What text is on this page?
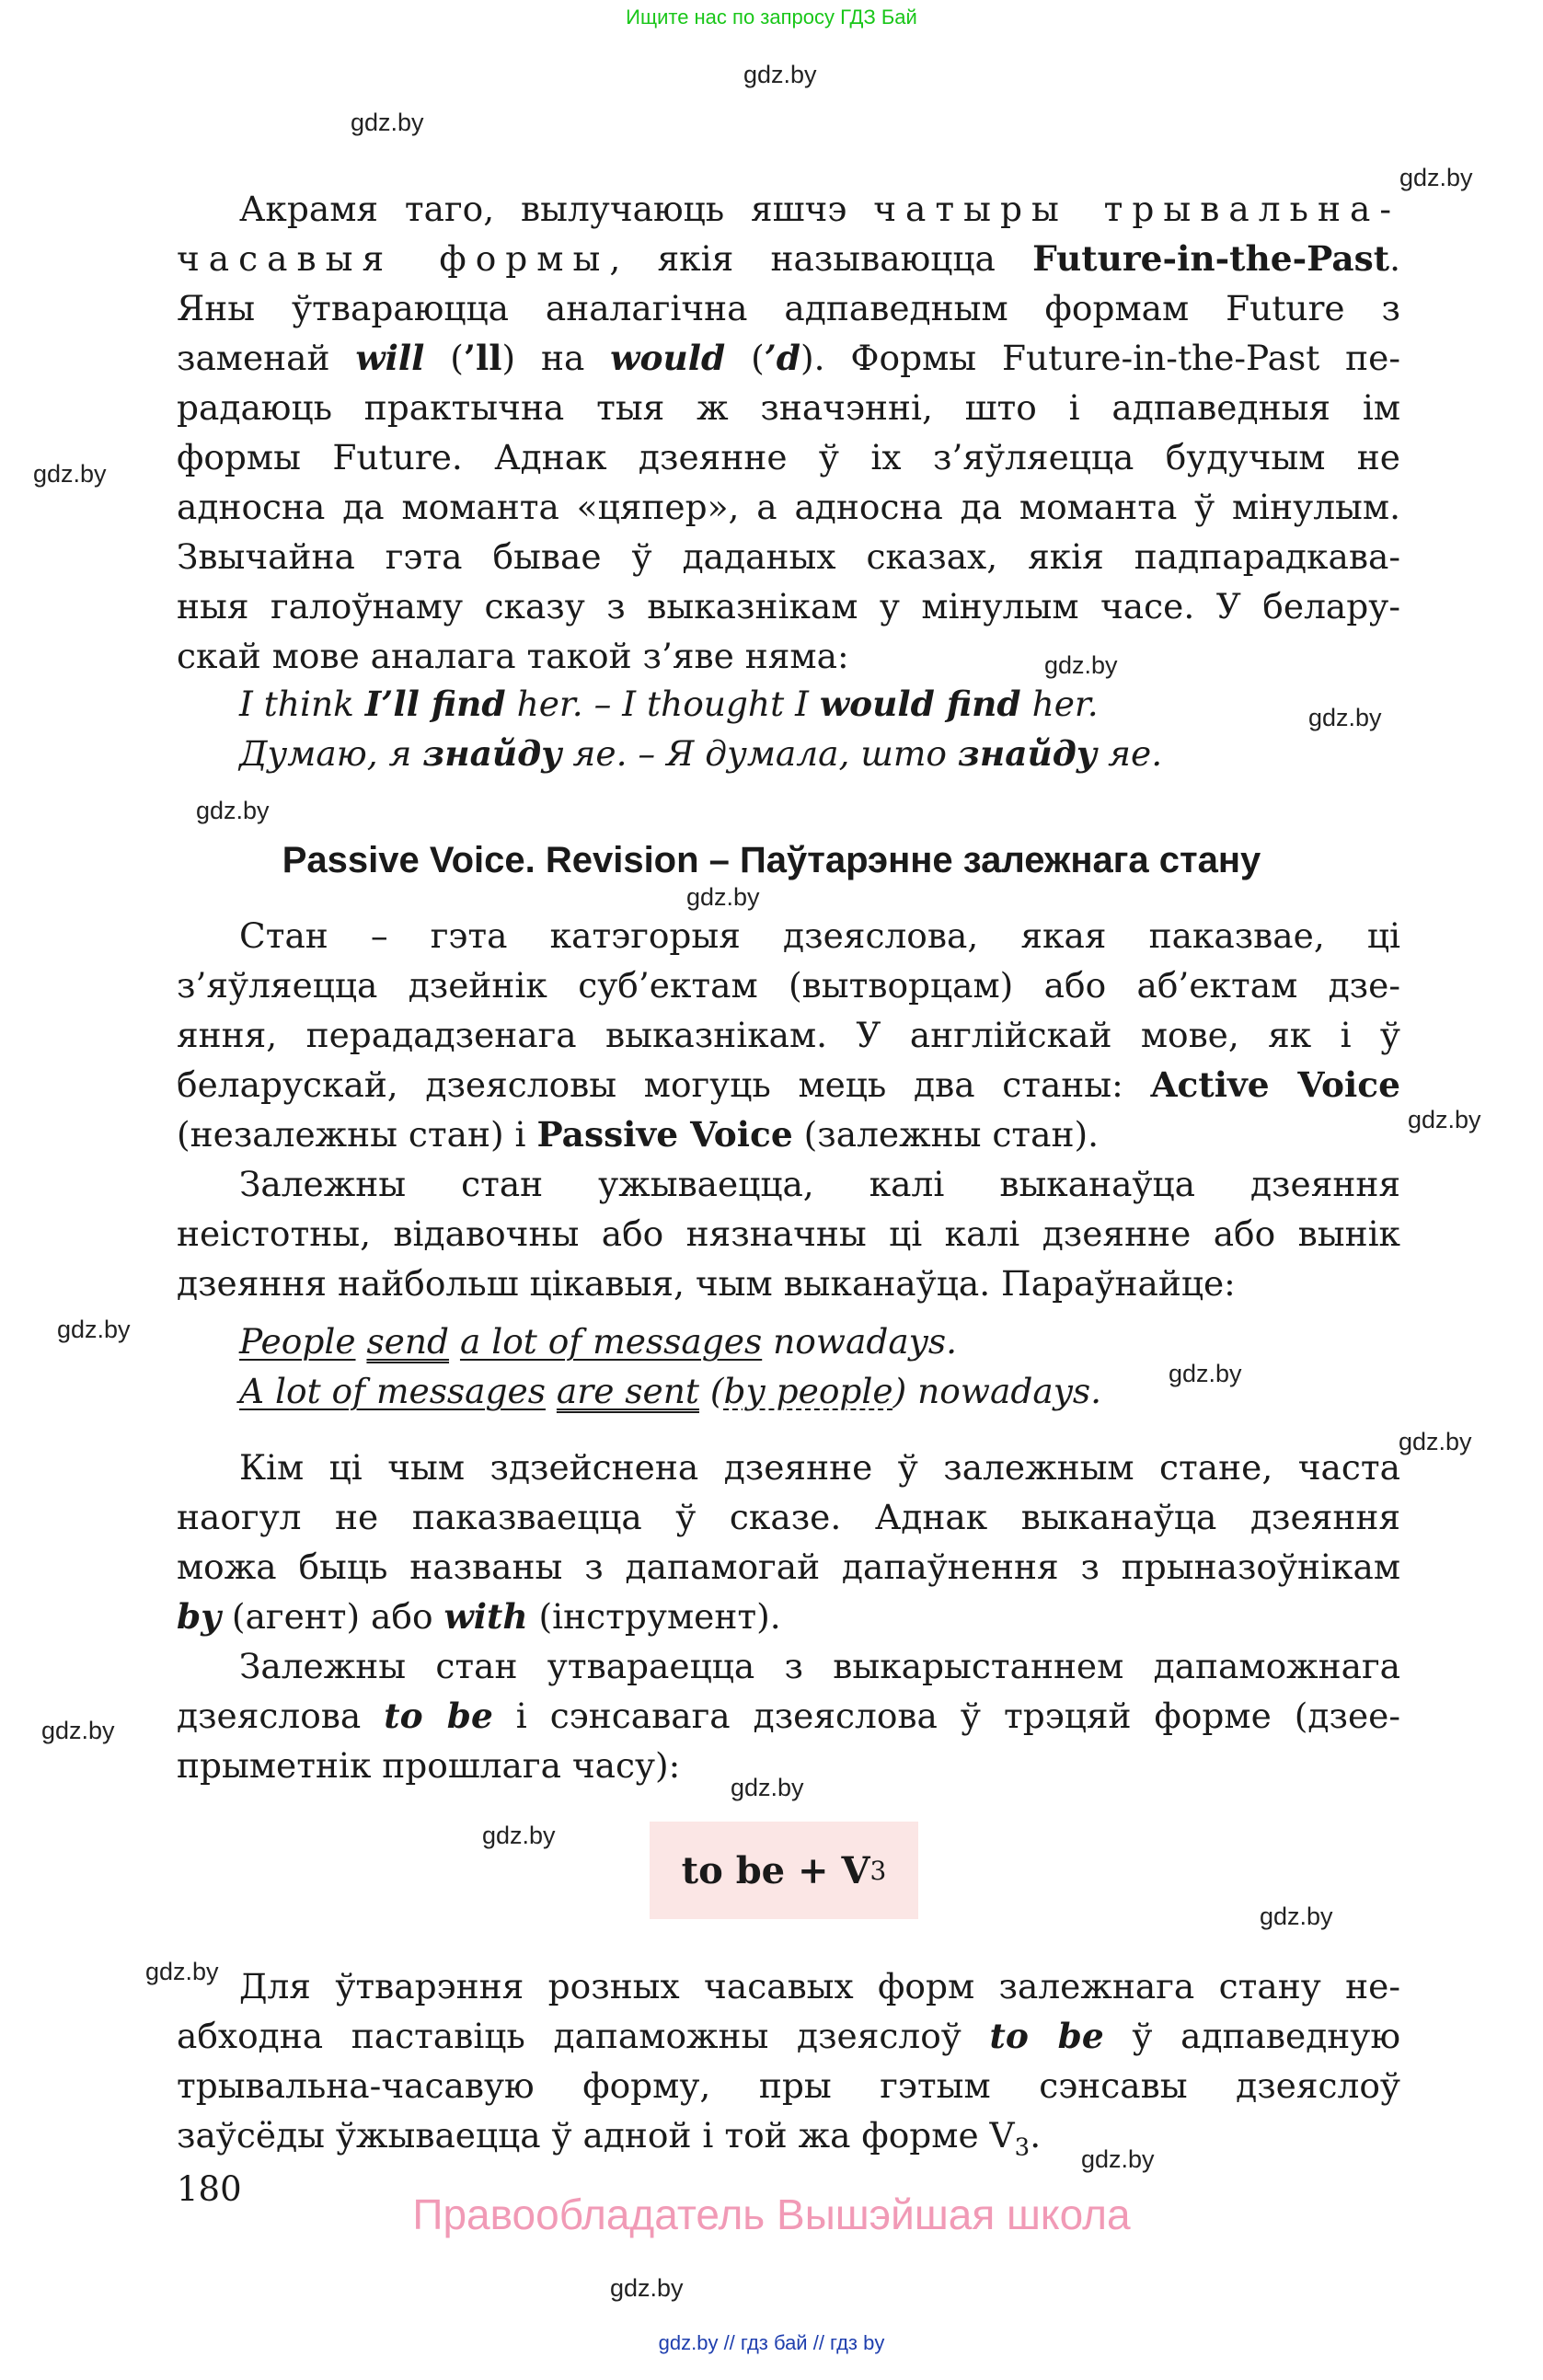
Ищите нас по запросу ГДЗ Бай
gdz.by
gdz.by
gdz.by
gdz.by
gdz.by
gdz.by
gdz.by
gdz.by
gdz.by
gdz.by
gdz.by
gdz.by
gdz.by
gdz.by
gdz.by
gdz.by
gdz.by
gdz.by
gdz.by
Акрамя таго, вылучаюць яшчэ чатыры трывальна-
часавыя формы, якія называюцца Future-in-the-Past.
Яны ўтвараюцца аналагічна адпаведным формам Future з
заменай will (’ll) на would (’d). Формы Future-in-the-Past пе-
радаюць практычна тыя ж значэнні, што і адпаведныя ім
формы Future. Аднак дзеянне ў іх з’яўляецца будучым не
адносна да моманта «цяпер», а адносна да моманта ў мінулым.
Звычайна гэта бывае ў даданых сказах, якія падпарадкава-
ныя галоўнаму сказу з выказнікам у мінулым часе. У белару-
скай мове аналага такой з’яве няма:
I think I’ll find her. – I thought I would find her.
Думаю, я знайду яе. – Я думала, што знайду яе.
Passive Voice. Revision – Паўтарэнне залежнага стану
Стан – гэта катэгорыя дзеяслова, якая паказвае, ці
з’яўляецца дзейнік суб’ектам (вытворцам) або аб’ектам дзе-
яння, перададзенага выказнікам. У англійскай мове, як і ў
беларускай, дзеясловы могуць мець два станы: Active Voice
(незалежны стан) і Passive Voice (залежны стан).
Залежны стан ужываецца, калі выканаўца дзеяння
неістотны, відавочны або нязначны ці калі дзеянне або вынік
дзеяння найбольш цікавыя, чым выканаўца. Параўнайце:
People send a lot of messages nowadays.
A lot of messages are sent (by people) nowadays.
Кім ці чым здзейснена дзеянне ў залежным стане, часта
наогул не паказваецца ў сказе. Аднак выканаўца дзеяння
можа быць названы з дапамогай дапаўнення з прыназоўнікам
by (агент) або with (інструмент).
Залежны стан утвараецца з выкарыстаннем дапаможнага
дзеяслова to be і сэнсавага дзеяслова ў трэцяй форме (дзее-
прыметнік прошлага часу):
to be + V 3
Для ўтварэння розных часавых форм залежнага стану не-
абходна паставіць дапаможны дзеяслоў to be ў адпаведную
трывальна-часавую форму, пры гэтым сэнсавы дзеяслоў
заўсёды ўжываецца ў адной і той жа форме $V_3$.
180
Правообладатель Вышэйшая школа
gdz.by // гдз бай // гдз by
